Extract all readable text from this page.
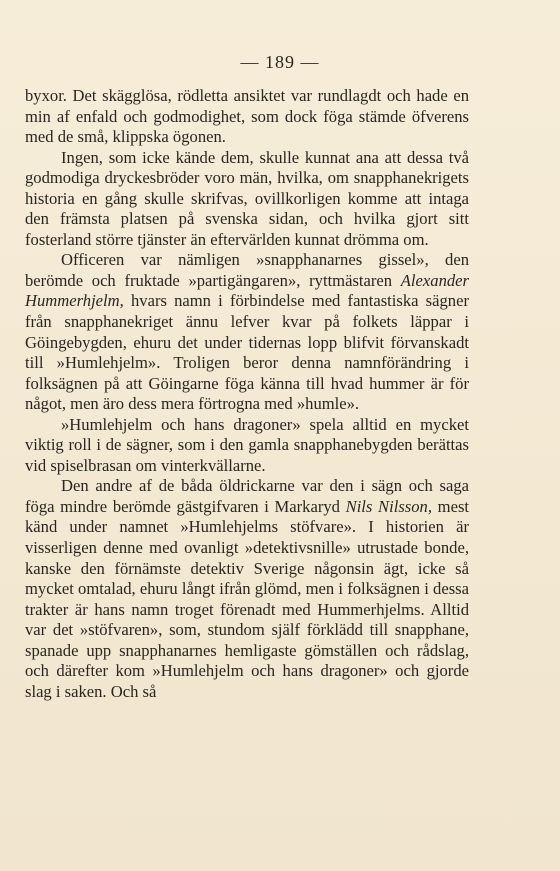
— 189 —

byxor. Det skägglösa, rödletta ansiktet var rundlagdt och hade en min af enfald och godmodighet, som dock föga stämde öfverens med de små, klippska ögonen.

Ingen, som icke kände dem, skulle kunnat ana att dessa två godmodiga dryckesbröder voro män, hvilka, om snapphanekrigets historia en gång skulle skrifvas, ovillkorligen komme att intaga den främsta platsen på svenska sidan, och hvilka gjort sitt fosterland större tjänster än eftervärlden kunnat drömma om.

Officeren var nämligen »snapphanarnes gissel», den berömde och fruktade »partigängaren», ryttmästaren Alexander Hummerhjelm, hvars namn i förbindelse med fantastiska sägner från snapphanekriget ännu lefver kvar på folkets läppar i Göingebygden, ehuru det under tidernas lopp blifvit förvanskadt till »Humlehjelm». Troligen beror denna namnförändring i folksägnen på att Göingarne föga känna till hvad hummer är för något, men äro dess mera förtrogna med »humle».

»Humlehjelm och hans dragoner» spela alltid en mycket viktig roll i de sägner, som i den gamla snapphanebygden berättas vid spiselbrasan om vinterkvällarne.

Den andre af de båda öldrickarne var den i sägn och saga föga mindre berömde gästgifvaren i Markaryd Nils Nilsson, mest känd under namnet »Humlehjelms stöfvare». I historien är visserligen denne med ovanligt »detektivsnille» utrustade bonde, kanske den förnämste detektiv Sverige någonsin ägt, icke så mycket omtalad, ehuru långt ifrån glömd, men i folksägnen i dessa trakter är hans namn troget förenadt med Hummerhjelms. Alltid var det »stöfvaren», som, stundom själf förklädd till snapphane, spanade upp snapphanarnes hemligaste gömställen och rådslag, och därefter kom »Humlehjelm och hans dragoner» och gjorde slag i saken. Och så
